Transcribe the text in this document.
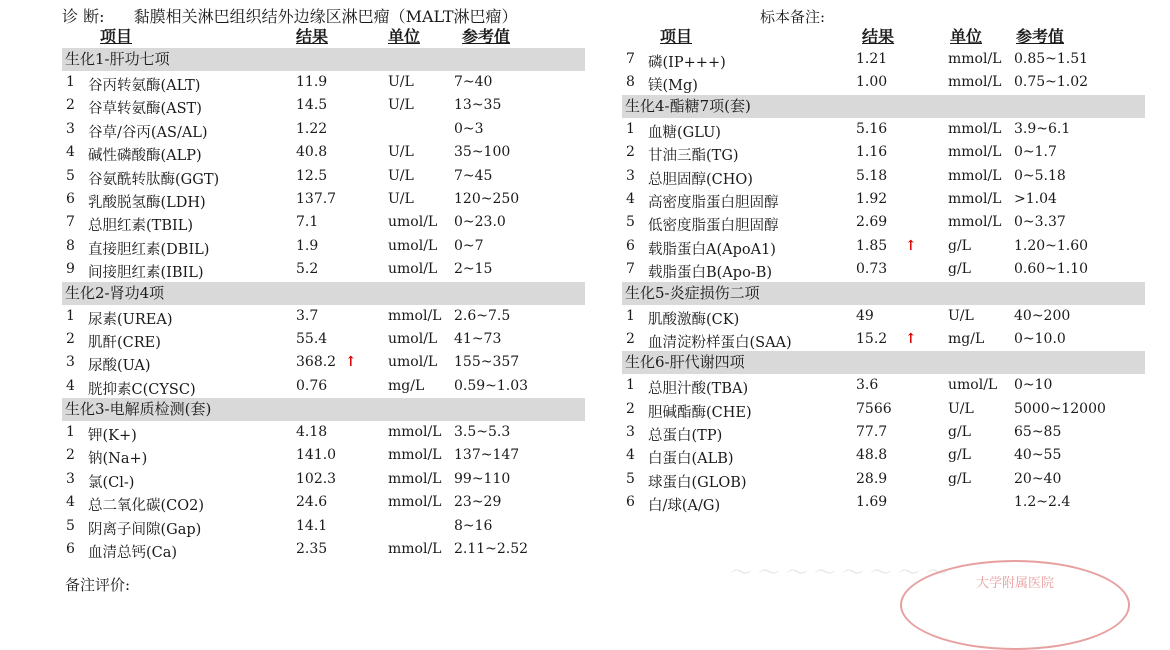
诊 断: 黏膜相关淋巴组织结外边缘区淋巴瘤（MALT淋巴瘤）	标本备注:
项目	结果	单位	参考值	项目	结果	单位 参考值
生化1-肝功七项
1 谷丙转氨酶(ALT)	11.9	U/L	7~40
2 谷草转氨酶(AST)	14.5	U/L	13~35
3 谷草/谷丙(AS/AL)	1.22	0~3
4 碱性磷酸酶(ALP)	40.8	U/L	35~100
5 谷氨酰转肽酶(GGT)	12.5	U/L	7~45
6 乳酸脱氢酶(LDH)	137.7	U/L	120~250
7 总胆红素(TBIL)	7.1	umol/L 0~23.0
8 直接胆红素(DBIL)	1.9	umol/L 0~7
9 间接胆红素(IBIL)	5.2	umol/L 2~15
生化2-肾功4项
1 尿素(UREA)	3.7	mmol/L 2.6~7.5
2 肌酐(CRE)	55.4	umol/L 41~73
3 尿酸(UA)	368.2 ↑ umol/L 155~357
4 胱抑素C(CYSC)	0.76	mg/L 0.59~1.03
生化3-电解质检测(套)
1 钾(K+)	4.18	mmol/L 3.5~5.3
2 钠(Na+)	141.0	mmol/L 137~147
3 氯(Cl-)	102.3	mmol/L 99~110
4 总二氧化碳(CO2)	24.6	mmol/L 23~29
5 阴离子间隙(Gap)	14.1	8~16
6 血清总钙(Ca)	2.35	mmol/L 2.11~2.52
7 磷(IP+++)	1.21	mmol/L 0.85~1.51
8 镁(Mg)	1.00	mmol/L 0.75~1.02
生化4-酯糖7项(套)
1 血糖(GLU)	5.16	mmol/L 3.9~6.1
2 甘油三酯(TG)	1.16	mmol/L 0~1.7
3 总胆固醇(CHO)	5.18	mmol/L 0~5.18
4 高密度脂蛋白胆固醇	1.92	mmol/L >1.04
5 低密度脂蛋白胆固醇	2.69	mmol/L 0~3.37
6 载脂蛋白A(ApoA1)	1.85 ↑ g/L	1.20~1.60
7 载脂蛋白B(Apo-B)	0.73	g/L	0.60~1.10
生化5-炎症损伤二项
1 肌酸激酶(CK)	49	U/L	40~200
2 血清淀粉样蛋白(SAA)	15.2 ↑ mg/L 0~10.0
生化6-肝代谢四项
1 总胆汁酸(TBA)	3.6	umol/L 0~10
2 胆碱酯酶(CHE)	7566	U/L	5000~12000
3 总蛋白(TP)	77.7	g/L	65~85
4 白蛋白(ALB)	48.8	g/L	40~55
5 球蛋白(GLOB)	28.9	g/L	20~40
6 白/球(A/G)	1.69	1.2~2.4
～～～～～～～～	大学附属医院
备注评价:
